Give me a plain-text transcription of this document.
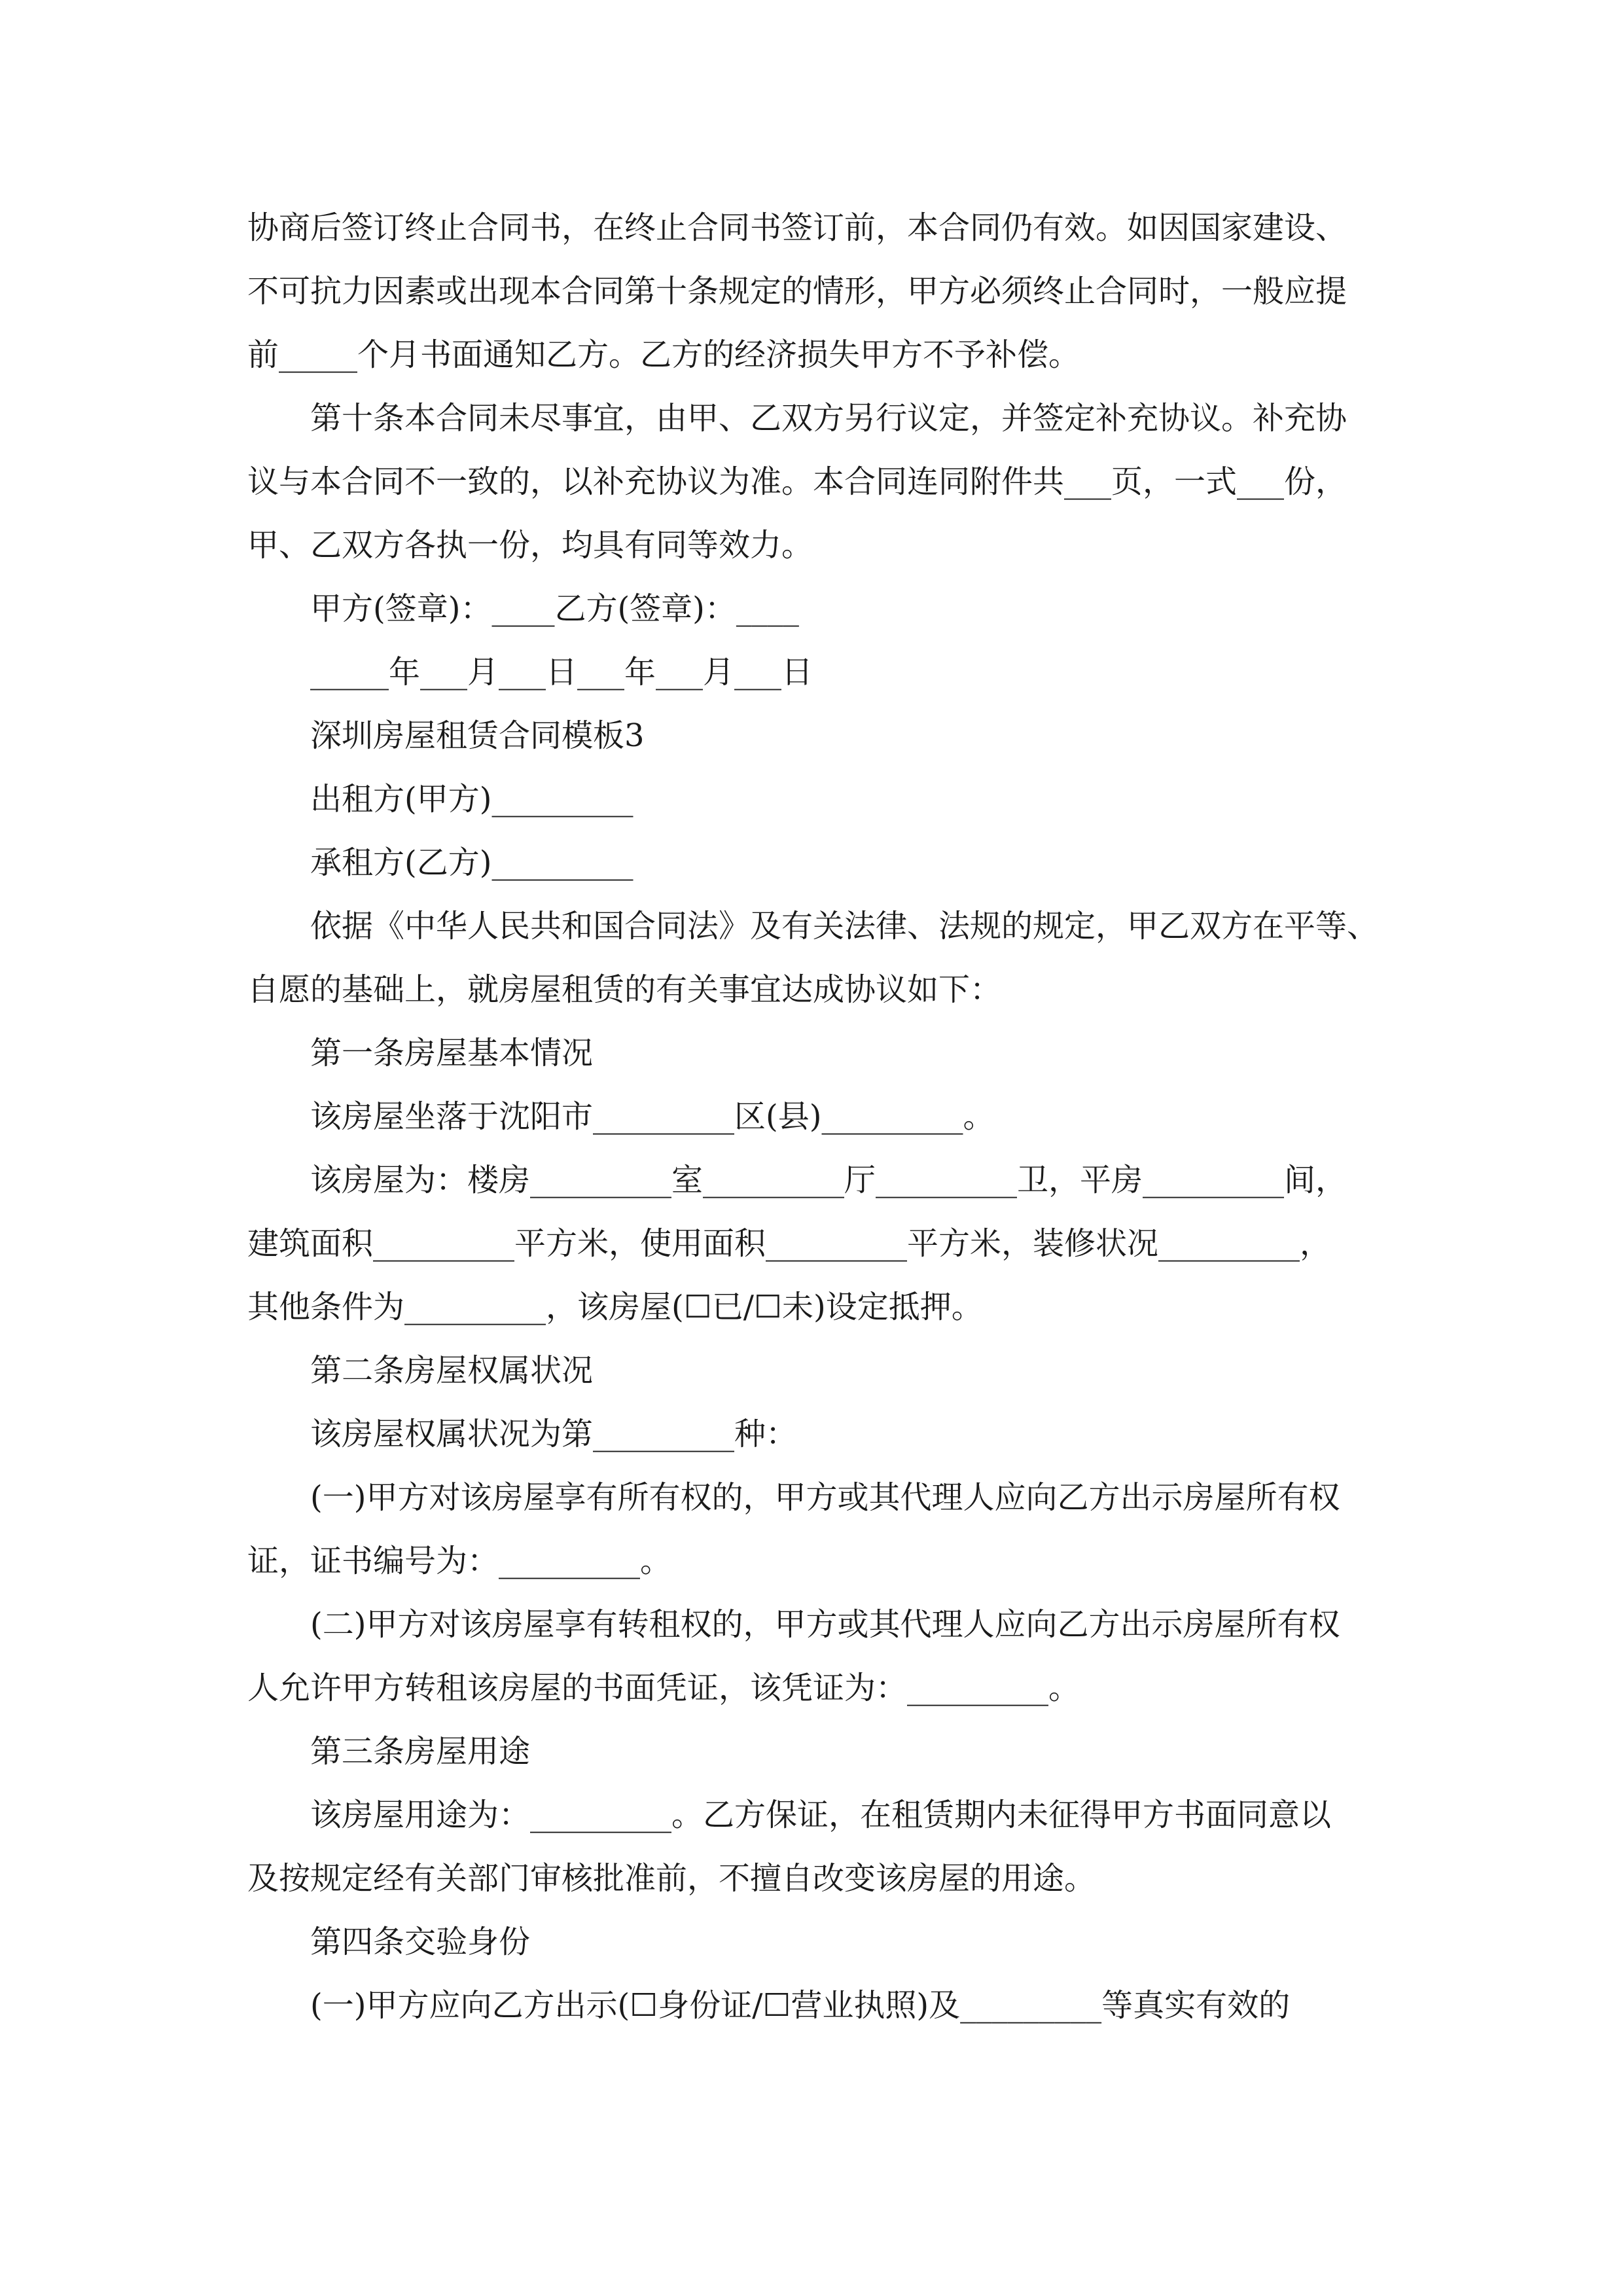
协商后签订终止合同书，在终止合同书签订前，本合同仍有效。如因国家建设、
不可抗力因素或出现本合同第十条规定的情形，甲方必须终止合同时，一般应提
前_____个月书面通知乙方。乙方的经济损失甲方不予补偿。
第十条本合同未尽事宜，由甲、乙双方另行议定，并签定补充协议。补充协
议与本合同不一致的，以补充协议为准。本合同连同附件共___页，一式___份，
甲、乙双方各执一份，均具有同等效力。
甲方(签章)：____乙方(签章)：____
_____年___月___日___年___月___日
深圳房屋租赁合同模板3
出租方(甲方)_________
承租方(乙方)_________
依据《中华人民共和国合同法》及有关法律、法规的规定，甲乙双方在平等、
自愿的基础上，就房屋租赁的有关事宜达成协议如下：
第一条房屋基本情况
该房屋坐落于沈阳市_________区(县)_________。
该房屋为：楼房_________室_________厅_________卫，平房_________间，
建筑面积_________平方米，使用面积_________平方米，装修状况_________，
其他条件为_________，该房屋(☐已/☐未)设定抵押。
第二条房屋权属状况
该房屋权属状况为第_________种：
(一)甲方对该房屋享有所有权的，甲方或其代理人应向乙方出示房屋所有权
证，证书编号为：_________。
(二)甲方对该房屋享有转租权的，甲方或其代理人应向乙方出示房屋所有权
人允许甲方转租该房屋的书面凭证，该凭证为：_________。
第三条房屋用途
该房屋用途为：_________。乙方保证，在租赁期内未征得甲方书面同意以
及按规定经有关部门审核批准前，不擅自改变该房屋的用途。
第四条交验身份
(一)甲方应向乙方出示(☐身份证/☐营业执照)及_________等真实有效的
